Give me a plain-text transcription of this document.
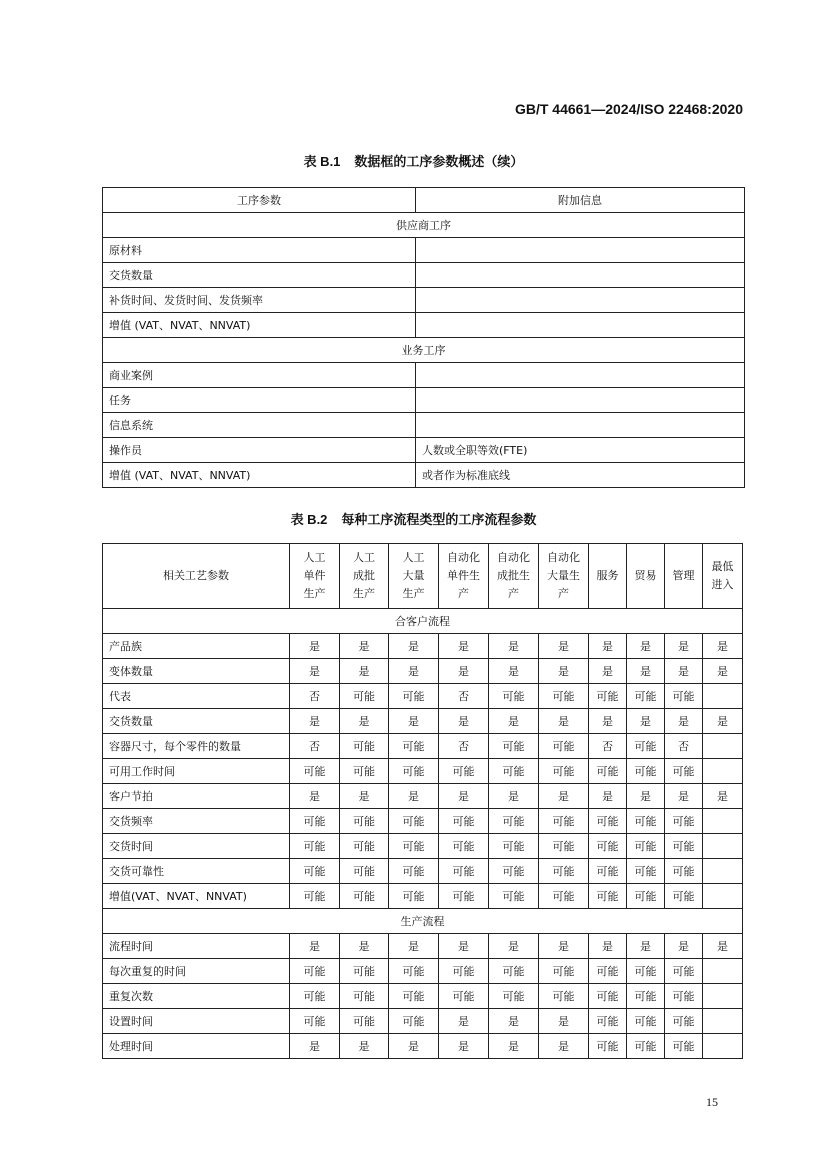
GB/T 44661—2024/ISO 22468:2020
表 B.1 数据框的工序参数概述（续）
工序参数	附加信息
供应商工序	
原材料	
交货数量	
补货时间、发货时间、发货频率	
增值 (VAT、NVAT、NNVAT)	
业务工序	
商业案例	
任务	
信息系统	
操作员	人数或全职等效(FTE)
增值 (VAT、NVAT、NNVAT)	或者作为标准底线
表 B.2 每种工序流程类型的工序流程参数
相关工艺参数	人工单件生产	人工成批生产	人工大量生产	自动化单件生产	自动化成批生产	自动化大量生产	服务	贸易	管理	最低进入
合客户流程										
产品族	是	是	是	是	是	是	是	是	是	是
变体数量	是	是	是	是	是	是	是	是	是	是
代表	否	可能	可能	否	可能	可能	可能	可能	可能	
交货数量	是	是	是	是	是	是	是	是	是	是
容器尺寸，每个零件的数量	否	可能	可能	否	可能	可能	否	可能	否	
可用工作时间	可能	可能	可能	可能	可能	可能	可能	可能	可能	
客户节拍	是	是	是	是	是	是	是	是	是	是
交货频率	可能	可能	可能	可能	可能	可能	可能	可能	可能	
交货时间	可能	可能	可能	可能	可能	可能	可能	可能	可能	
交货可靠性	可能	可能	可能	可能	可能	可能	可能	可能	可能	
增值(VAT、NVAT、NNVAT)	可能	可能	可能	可能	可能	可能	可能	可能	可能	
生产流程										
流程时间	是	是	是	是	是	是	是	是	是	是
每次重复的时间	可能	可能	可能	可能	可能	可能	可能	可能	可能	
重复次数	可能	可能	可能	可能	可能	可能	可能	可能	可能	
设置时间	可能	可能	可能	是	是	是	可能	可能	可能	
处理时间	是	是	是	是	是	是	可能	可能	可能	
15
